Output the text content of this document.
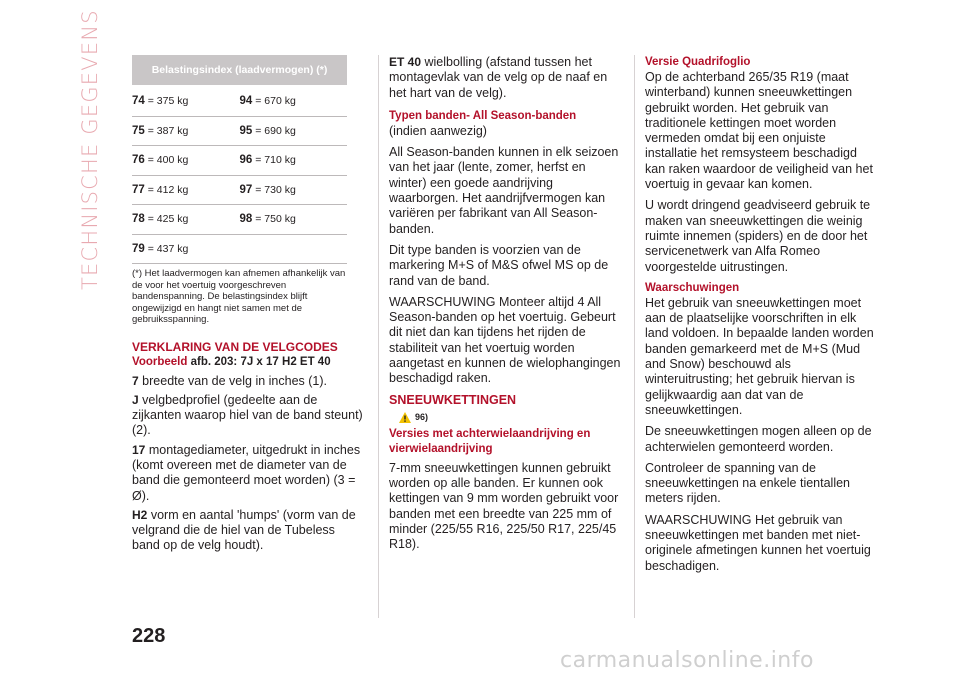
TECHNISCHE GEGEVENS	Belastingsindex (laadvermogen) (*)
74 = 375 kg	94 = 670 kg
75 = 387 kg	95 = 690 kg
76 = 400 kg	96 = 710 kg
77 = 412 kg	97 = 730 kg
78 = 425 kg	98 = 750 kg
79 = 437 kg
(*) Het laadvermogen kan afnemen afhankelijk van de voor het voertuig voorgeschreven bandenspanning. De belastingsindex blijft ongewijzigd en hangt niet samen met de gebruiksspanning.
VERKLARING VAN DE VELGCODES
Voorbeeld afb. 203: 7J x 17 H2 ET 40
7 breedte van de velg in inches (1).
J velgbedprofiel (gedeelte aan de zijkanten waarop hiel van de band steunt) (2).
17 montagediameter, uitgedrukt in inches (komt overeen met de diameter van de band die gemonteerd moet worden) (3 = Ø).
H2 vorm en aantal 'humps' (vorm van de velgrand die de hiel van de Tubeless band op de velg houdt).
ET 40 wielbolling (afstand tussen het montagevlak van de velg op de naaf en het hart van de velg).
Typen banden- All Season-banden

(indien aanwezig)

All Season-banden kunnen in elk seizoen van het jaar (lente, zomer, herfst en winter) een goede aandrijving waarborgen. Het aandrijfvermogen kan variëren per fabrikant van All Season-banden.

Dit type banden is voorzien van de markering M+S of M&S ofwel MS op de rand van de band.

WAARSCHUWING Monteer altijd 4 All Season-banden op het voertuig. Gebeurt dit niet dan kan tijdens het rijden de stabiliteit van het voertuig worden aangetast en kunnen de wielophangingen beschadigd raken.

SNEEUWKETTINGEN
96)
Versies met achterwielaandrijving en vierwielaandrijving

7-mm sneeuwkettingen kunnen gebruikt worden op alle banden. Er kunnen ook kettingen van 9 mm worden gebruikt voor banden met een breedte van 225 mm of minder (225/55 R16, 225/50 R17, 225/45 R18).

Versie Quadrifoglio

Op de achterband 265/35 R19 (maat winterband) kunnen sneeuwkettingen gebruikt worden. Het gebruik van traditionele kettingen moet worden vermeden omdat bij een onjuiste installatie het remsysteem beschadigd kan raken waardoor de veiligheid van het voertuig in gevaar kan komen.

U wordt dringend geadviseerd gebruik te maken van sneeuwkettingen die weinig ruimte innemen (spiders) en de door het servicenetwerk van Alfa Romeo voorgestelde uitrustingen.

Waarschuwingen

Het gebruik van sneeuwkettingen moet aan de plaatselijke voorschriften in elk land voldoen. In bepaalde landen worden banden gemarkeerd met de M+S (Mud and Snow) beschouwd als winteruitrusting; het gebruik hiervan is gelijkwaardig aan dat van de sneeuwkettingen.

De sneeuwkettingen mogen alleen op de achterwielen gemonteerd worden.

Controleer de spanning van de sneeuwkettingen na enkele tientallen meters rijden.

WAARSCHUWING Het gebruik van sneeuwkettingen met banden met niet-originele afmetingen kunnen het voertuig beschadigen.

228
carmanualsonline.info
